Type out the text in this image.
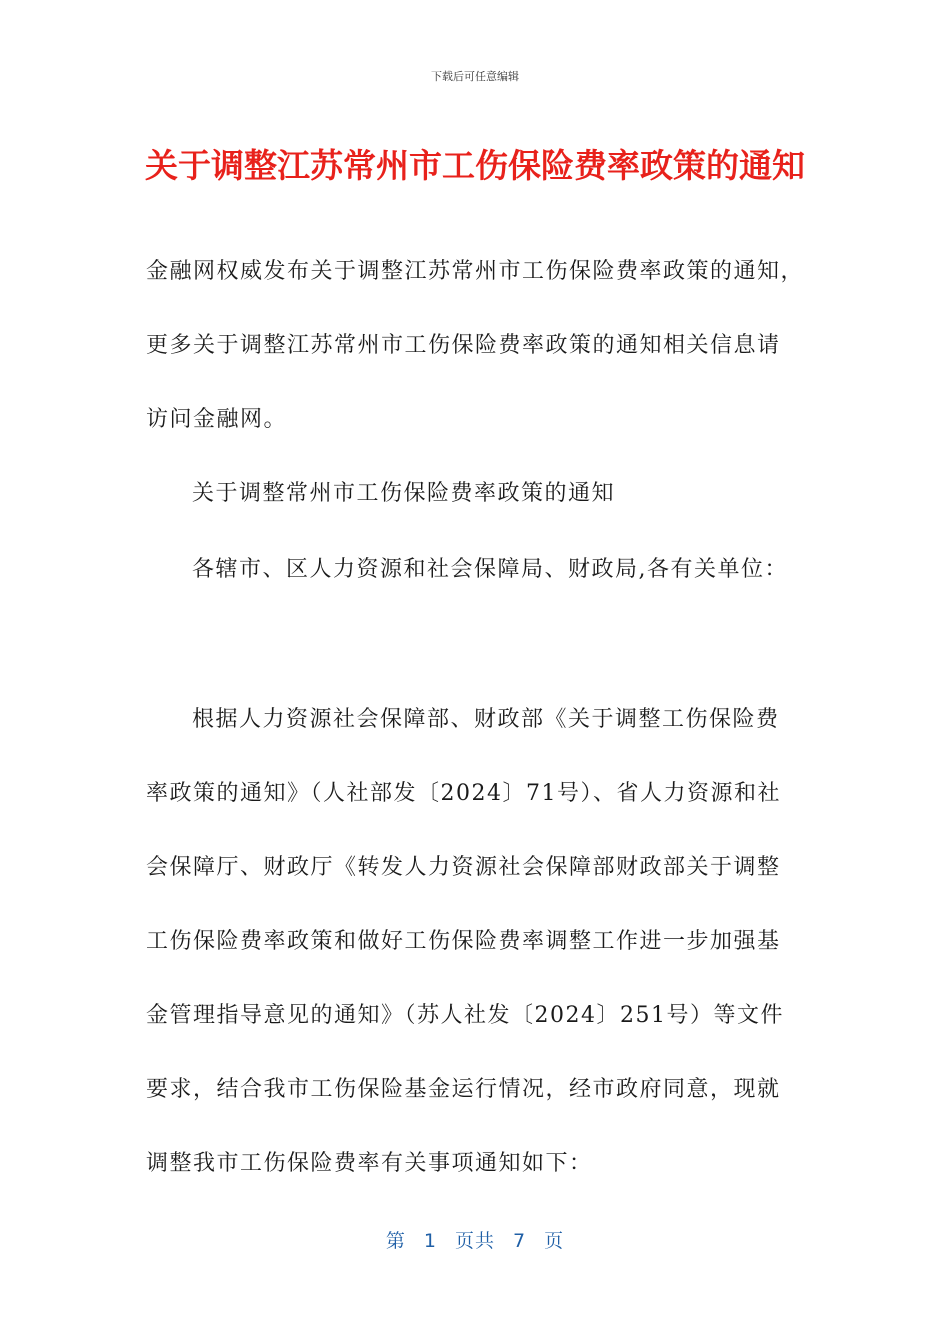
下载后可任意编辑
关于调整江苏常州市工伤保险费率政策的通知
金融网权威发布关于调整江苏常州市工伤保险费率政策的通知，
更多关于调整江苏常州市工伤保险费率政策的通知相关信息请
访问金融网。
关于调整常州市工伤保险费率政策的通知
各辖市、区人力资源和社会保障局、财政局,各有关单位：
根据人力资源社会保障部、财政部《关于调整工伤保险费
率政策的通知》（人社部发〔2024〕71号）、省人力资源和社
会保障厅、财政厅《转发人力资源社会保障部财政部关于调整
工伤保险费率政策和做好工伤保险费率调整工作进一步加强基
金管理指导意见的通知》（苏人社发〔2024〕251号）等文件
要求，结合我市工伤保险基金运行情况，经市政府同意，现就
调整我市工伤保险费率有关事项通知如下：
第 1 页共 7 页
